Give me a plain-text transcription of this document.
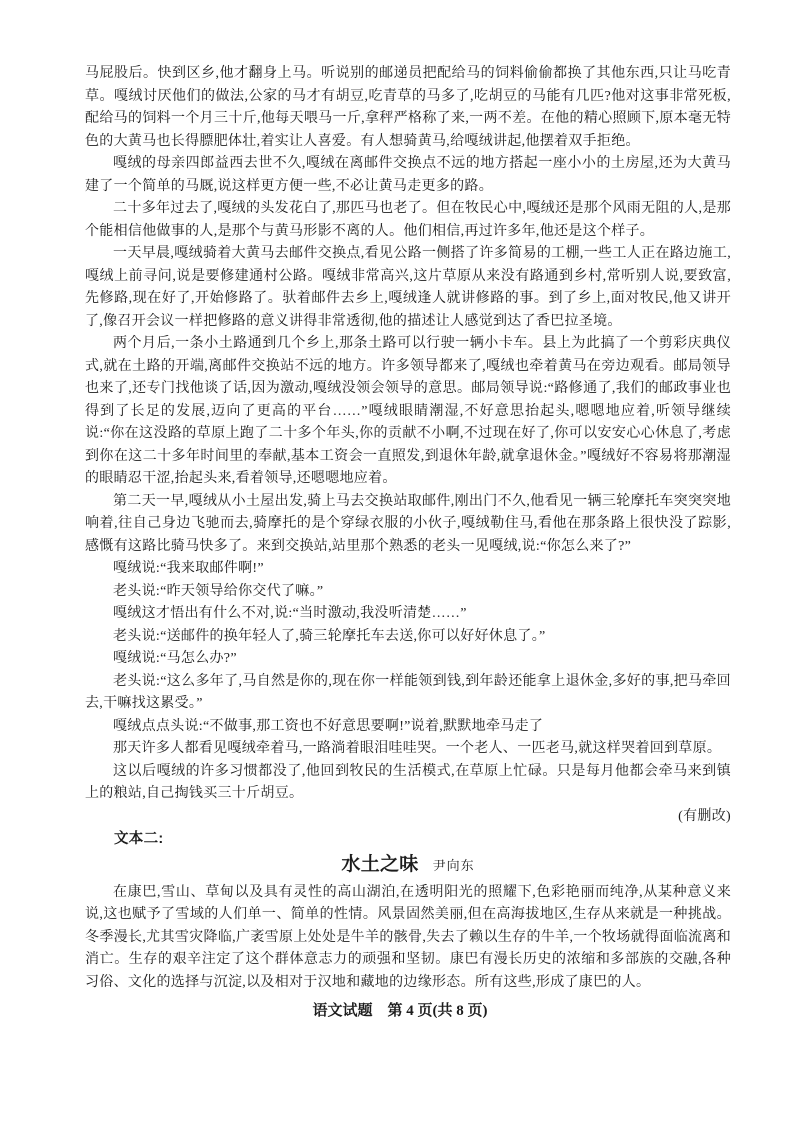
马屁股后。快到区乡,他才翻身上马。听说别的邮递员把配给马的饲料偷偷都换了其他东西,只让马吃青草。嘎绒讨厌他们的做法,公家的马才有胡豆,吃青草的马多了,吃胡豆的马能有几匹?他对这事非常死板,配给马的饲料一个月三十斤,他每天喂马一斤,拿秤严格称了来,一两不差。在他的精心照顾下,原本毫无特色的大黄马也长得膘肥体壮,着实让人喜爱。有人想骑黄马,给嘎绒讲起,他摆着双手拒绝。

嘎绒的母亲四郎益西去世不久,嘎绒在离邮件交换点不远的地方搭起一座小小的土房屋,还为大黄马建了一个简单的马厩,说这样更方便一些,不必让黄马走更多的路。

二十多年过去了,嘎绒的头发花白了,那匹马也老了。但在牧民心中,嘎绒还是那个风雨无阻的人,是那个能相信他做事的人,是那个与黄马形影不离的人。他们相信,再过许多年,他还是这个样子。

一天早晨,嘎绒骑着大黄马去邮件交换点,看见公路一侧搭了许多简易的工棚,一些工人正在路边施工,嘎绒上前寻问,说是要修建通村公路。嘎绒非常高兴,这片草原从来没有路通到乡村,常听别人说,要致富,先修路,现在好了,开始修路了。驮着邮件去乡上,嘎绒逢人就讲修路的事。到了乡上,面对牧民,他又讲开了,像召开会议一样把修路的意义讲得非常透彻,他的描述让人感觉到达了香巴拉圣境。

两个月后,一条小土路通到几个乡上,那条土路可以行驶一辆小卡车。县上为此搞了一个剪彩庆典仪式,就在土路的开端,离邮件交换站不远的地方。许多领导都来了,嘎绒也牵着黄马在旁边观看。邮局领导也来了,还专门找他谈了话,因为激动,嘎绒没领会领导的意思。邮局领导说:“路修通了,我们的邮政事业也得到了长足的发展,迈向了更高的平台……”嘎绒眼睛潮湿,不好意思抬起头,嗯嗯地应着,听领导继续说:“你在这没路的草原上跑了二十多个年头,你的贡献不小啊,不过现在好了,你可以安安心心休息了,考虑到你在这二十多年时间里的奉献,基本工资会一直照发,到退休年龄,就拿退休金。”嘎绒好不容易将那潮湿的眼睛忍干涩,抬起头来,看着领导,还嗯嗯地应着。

第二天一早,嘎绒从小土屋出发,骑上马去交换站取邮件,刚出门不久,他看见一辆三轮摩托车突突突地响着,往自己身边飞驰而去,骑摩托的是个穿绿衣服的小伙子,嘎绒勒住马,看他在那条路上很快没了踪影,感慨有这路比骑马快多了。来到交换站,站里那个熟悉的老头一见嘎绒,说:“你怎么来了?”

嘎绒说:“我来取邮件啊!”

老头说:“昨天领导给你交代了嘛。”

嘎绒这才悟出有什么不对,说:“当时激动,我没听清楚……”

老头说:“送邮件的换年轻人了,骑三轮摩托车去送,你可以好好休息了。”

嘎绒说:“马怎么办?”

老头说:“这么多年了,马自然是你的,现在你一样能领到钱,到年龄还能拿上退休金,多好的事,把马牵回去,干嘛找这累受。”

嘎绒点点头说:“不做事,那工资也不好意思要啊!”说着,默默地牵马走了

那天许多人都看见嘎绒牵着马,一路淌着眼泪哇哇哭。一个老人、一匹老马,就这样哭着回到草原。

这以后嘎绒的许多习惯都没了,他回到牧民的生活模式,在草原上忙碌。只是每月他都会牵马来到镇上的粮站,自己掏钱买三十斤胡豆。

(有删改)

文本二:

水土之味 尹向东

在康巴,雪山、草甸以及具有灵性的高山湖泊,在透明阳光的照耀下,色彩艳丽而纯净,从某种意义来说,这也赋予了雪域的人们单一、简单的性情。风景固然美丽,但在高海拔地区,生存从来就是一种挑战。冬季漫长,尤其雪灾降临,广袤雪原上处处是牛羊的骸骨,失去了赖以生存的牛羊,一个牧场就得面临流离和消亡。生存的艰辛注定了这个群体意志力的顽强和坚韧。康巴有漫长历史的浓缩和多部族的交融,各种习俗、文化的选择与沉淀,以及相对于汉地和藏地的边缘形态。所有这些,形成了康巴的人。

语文试题　第 4 页(共 8 页)
